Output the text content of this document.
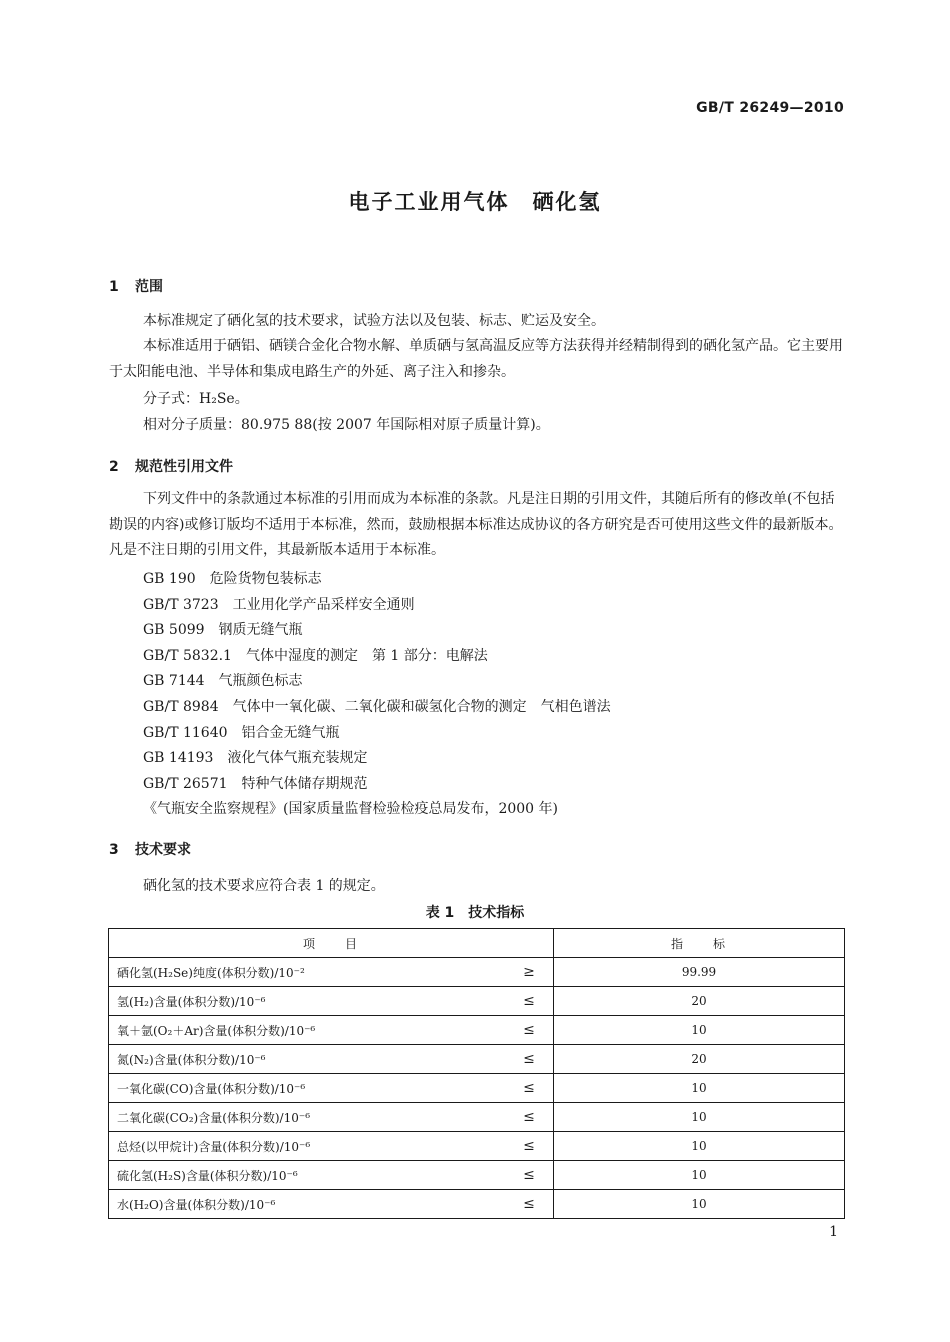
GB/T 26249—2010
电子工业用气体　硒化氢
1 范围
本标准规定了硒化氢的技术要求，试验方法以及包装、标志、贮运及安全。
本标准适用于硒铝、硒镁合金化合物水解、单质硒与氢高温反应等方法获得并经精制得到的硒化氢产品。它主要用于太阳能电池、半导体和集成电路生产的外延、离子注入和掺杂。
分子式：H₂Se。
相对分子质量：80.975 88(按 2007 年国际相对原子质量计算)。
2 规范性引用文件
下列文件中的条款通过本标准的引用而成为本标准的条款。凡是注日期的引用文件，其随后所有的修改单(不包括勘误的内容)或修订版均不适用于本标准，然而，鼓励根据本标准达成协议的各方研究是否可使用这些文件的最新版本。凡是不注日期的引用文件，其最新版本适用于本标准。
GB 190　危险货物包装标志
GB/T 3723　工业用化学产品采样安全通则
GB 5099　钢质无缝气瓶
GB/T 5832.1　气体中湿度的测定　第 1 部分：电解法
GB 7144　气瓶颜色标志
GB/T 8984　气体中一氧化碳、二氧化碳和碳氢化合物的测定　气相色谱法
GB/T 11640　铝合金无缝气瓶
GB 14193　液化气体气瓶充装规定
GB/T 26571　特种气体储存期规范
《气瓶安全监察规程》(国家质量监督检验检疫总局发布，2000 年)
3 技术要求
硒化氢的技术要求应符合表 1 的规定。
表 1　技术指标
项　　目		指　　标
硒化氢(H₂Se)纯度(体积分数)/10⁻²	≥	99.99
氢(H₂)含量(体积分数)/10⁻⁶	≤	20
氧＋氩(O₂＋Ar)含量(体积分数)/10⁻⁶	≤	10
氮(N₂)含量(体积分数)/10⁻⁶	≤	20
一氧化碳(CO)含量(体积分数)/10⁻⁶	≤	10
二氧化碳(CO₂)含量(体积分数)/10⁻⁶	≤	10
总烃(以甲烷计)含量(体积分数)/10⁻⁶	≤	10
硫化氢(H₂S)含量(体积分数)/10⁻⁶	≤	10
水(H₂O)含量(体积分数)/10⁻⁶	≤	10
1
